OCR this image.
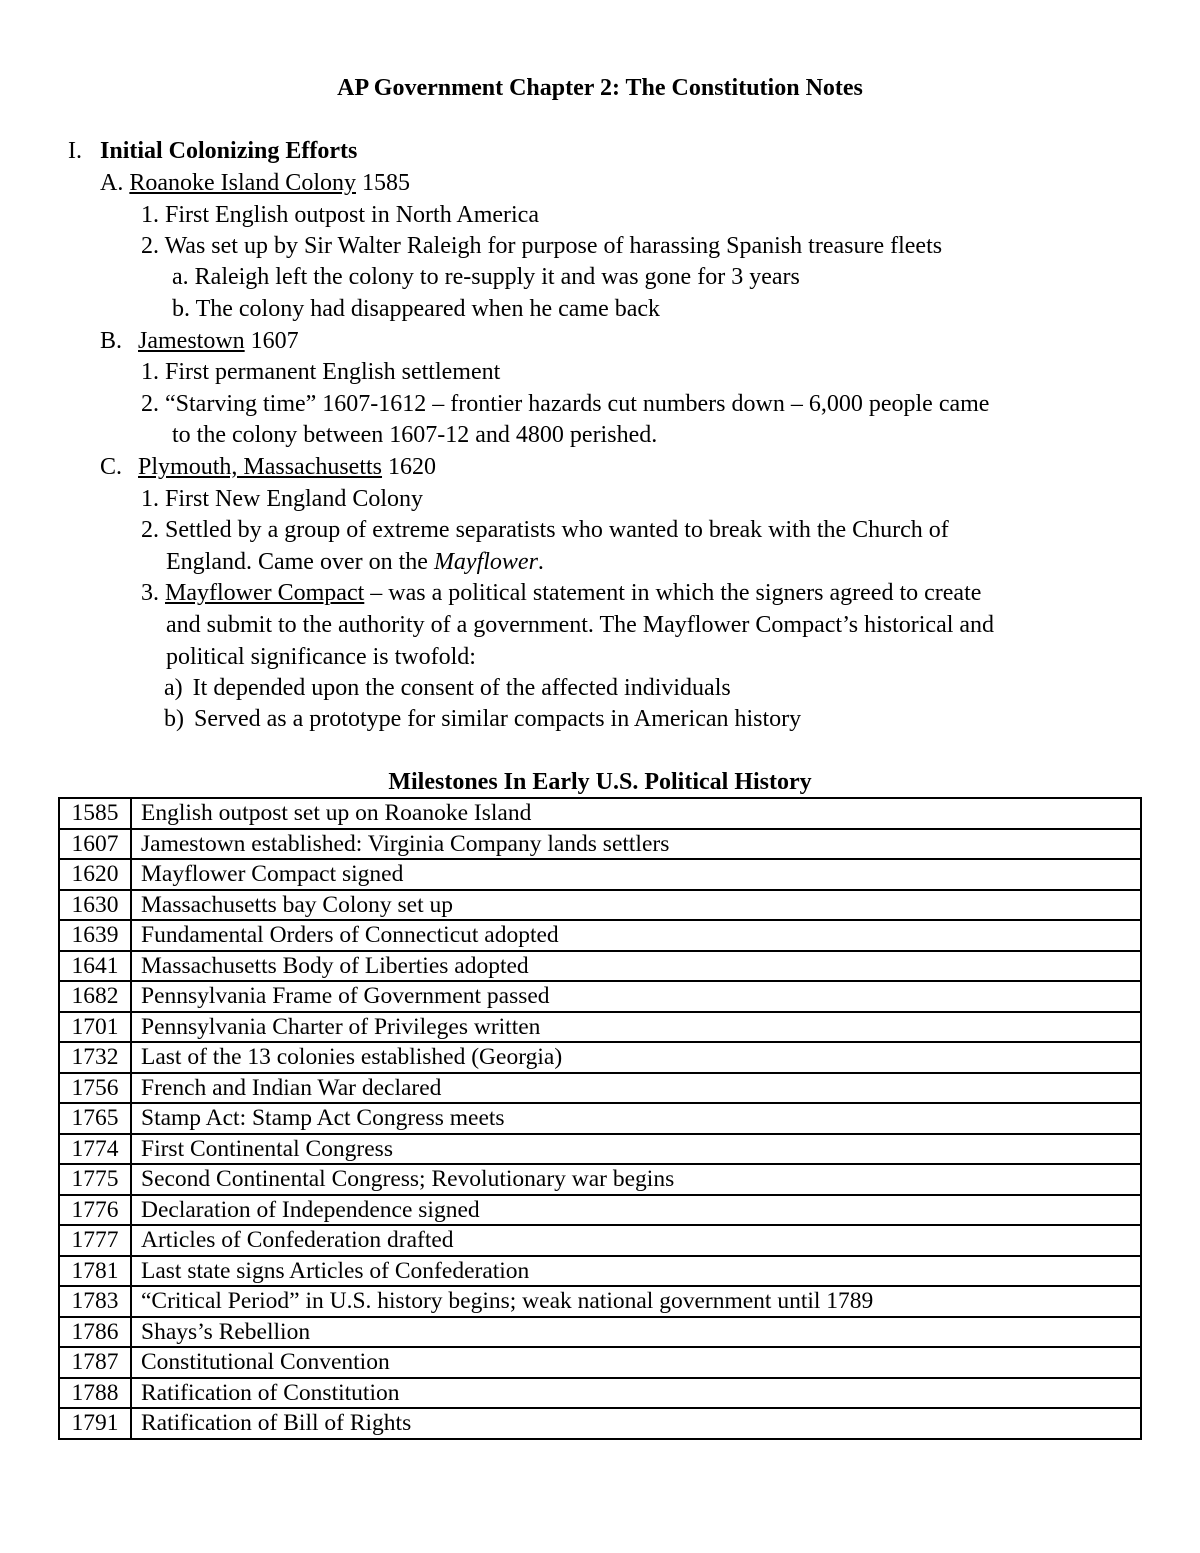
AP Government Chapter 2: The Constitution Notes
I. Initial Colonizing Efforts
A. Roanoke Island Colony 1585
1. First English outpost in North America
2. Was set up by Sir Walter Raleigh for purpose of harassing Spanish treasure fleets
a. Raleigh left the colony to re-supply it and was gone for 3 years
b. The colony had disappeared when he came back
B. Jamestown 1607
1. First permanent English settlement
2. “Starving time” 1607-1612 – frontier hazards cut numbers down – 6,000 people came
to the colony between 1607-12 and 4800 perished.
C. Plymouth, Massachusetts 1620
1. First New England Colony
2. Settled by a group of extreme separatists who wanted to break with the Church of
England. Came over on the Mayflower.
3. Mayflower Compact – was a political statement in which the signers agreed to create
and submit to the authority of a government. The Mayflower Compact’s historical and
political significance is twofold:
a) It depended upon the consent of the affected individuals
b) Served as a prototype for similar compacts in American history
Milestones In Early U.S. Political History
1585	English outpost set up on Roanoke Island
1607	Jamestown established: Virginia Company lands settlers
1620	Mayflower Compact signed
1630	Massachusetts bay Colony set up
1639	Fundamental Orders of Connecticut adopted
1641	Massachusetts Body of Liberties adopted
1682	Pennsylvania Frame of Government passed
1701	Pennsylvania Charter of Privileges written
1732	Last of the 13 colonies established (Georgia)
1756	French and Indian War declared
1765	Stamp Act: Stamp Act Congress meets
1774	First Continental Congress
1775	Second Continental Congress; Revolutionary war begins
1776	Declaration of Independence signed
1777	Articles of Confederation drafted
1781	Last state signs Articles of Confederation
1783	“Critical Period” in U.S. history begins; weak national government until 1789
1786	Shays’s Rebellion
1787	Constitutional Convention
1788	Ratification of Constitution
1791	Ratification of Bill of Rights
